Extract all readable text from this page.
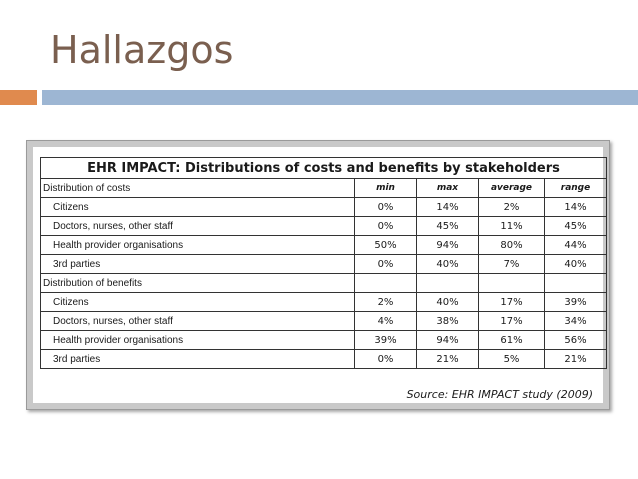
Hallazgos
EHR IMPACT: Distributions of costs and benefits by stakeholders				
Distribution of costs	min	max	average	range
Citizens	0%	14%	2%	14%
Doctors, nurses, other staff	0%	45%	11%	45%
Health provider organisations	50%	94%	80%	44%
3rd parties	0%	40%	7%	40%
Distribution of benefits				
Citizens	2%	40%	17%	39%
Doctors, nurses, other staff	4%	38%	17%	34%
Health provider organisations	39%	94%	61%	56%
3rd parties	0%	21%	5%	21%
Source: EHR IMPACT study (2009)
